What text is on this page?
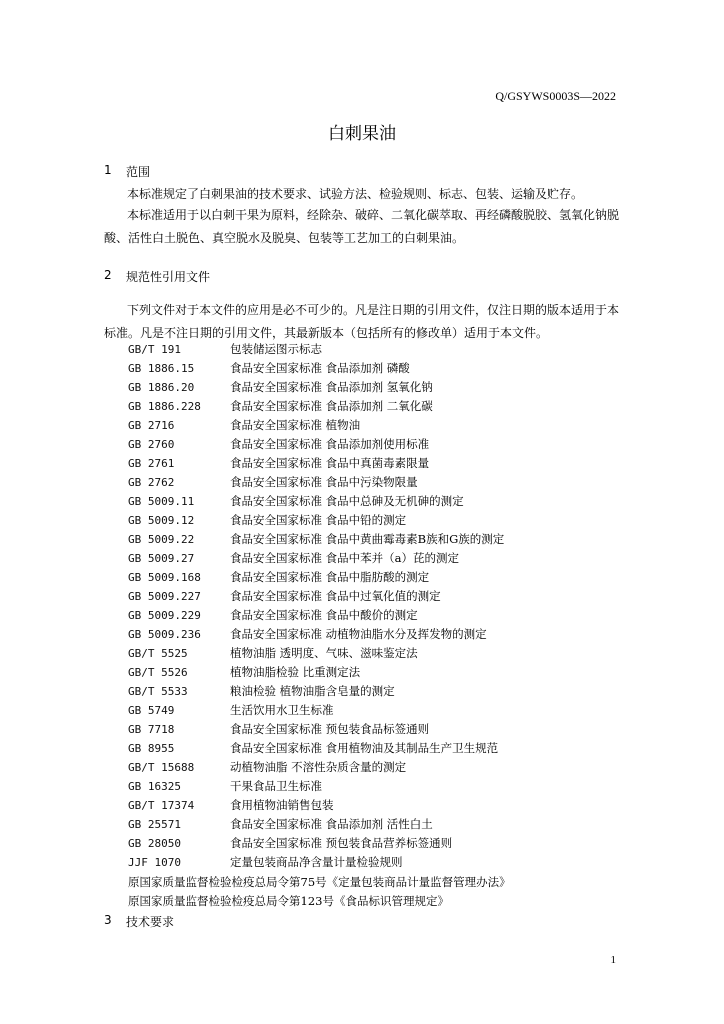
Q/GSYWS0003S—2022
白刺果油
1 范围
本标准规定了白刺果油的技术要求、试验方法、检验规则、标志、包装、运输及贮存。
本标准适用于以白刺干果为原料，经除杂、破碎、二氧化碳萃取、再经磷酸脱胶、氢氧化钠脱酸、活性白土脱色、真空脱水及脱臭、包装等工艺加工的白刺果油。
2 规范性引用文件
下列文件对于本文件的应用是必不可少的。凡是注日期的引用文件，仅注日期的版本适用于本标准。凡是不注日期的引用文件，其最新版本（包括所有的修改单）适用于本文件。
GB/T 191	包装储运图示标志
GB 1886.15	食品安全国家标准 食品添加剂 磷酸
GB 1886.20	食品安全国家标准 食品添加剂 氢氧化钠
GB 1886.228	食品安全国家标准 食品添加剂 二氧化碳
GB 2716	食品安全国家标准 植物油
GB 2760	食品安全国家标准 食品添加剂使用标准
GB 2761	食品安全国家标准 食品中真菌毒素限量
GB 2762	食品安全国家标准 食品中污染物限量
GB 5009.11	食品安全国家标准 食品中总砷及无机砷的测定
GB 5009.12	食品安全国家标准 食品中铅的测定
GB 5009.22	食品安全国家标准 食品中黄曲霉毒素B族和G族的测定
GB 5009.27	食品安全国家标准 食品中苯并（a）芘的测定
GB 5009.168	食品安全国家标准 食品中脂肪酸的测定
GB 5009.227	食品安全国家标准 食品中过氧化值的测定
GB 5009.229	食品安全国家标准 食品中酸价的测定
GB 5009.236	食品安全国家标准 动植物油脂水分及挥发物的测定
GB/T 5525	植物油脂 透明度、气味、滋味鉴定法
GB/T 5526	植物油脂检验 比重测定法
GB/T 5533	粮油检验 植物油脂含皂量的测定
GB 5749	生活饮用水卫生标准
GB 7718	食品安全国家标准 预包装食品标签通则
GB 8955	食品安全国家标准 食用植物油及其制品生产卫生规范
GB/T 15688	动植物油脂 不溶性杂质含量的测定
GB 16325	干果食品卫生标准
GB/T 17374	食用植物油销售包装
GB 25571	食品安全国家标准 食品添加剂 活性白土
GB 28050	食品安全国家标准 预包装食品营养标签通则
JJF 1070	定量包装商品净含量计量检验规则
原国家质量监督检验检疫总局令第75号《定量包装商品计量监督管理办法》
原国家质量监督检验检疫总局令第123号《食品标识管理规定》
3 技术要求
1
